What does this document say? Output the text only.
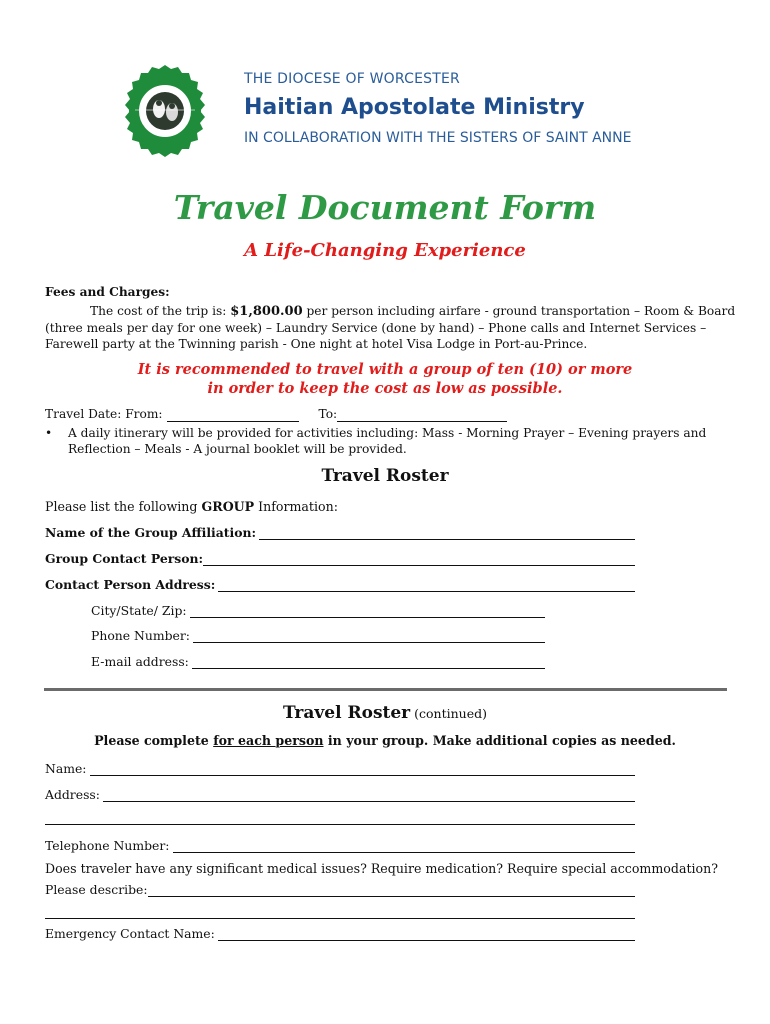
THE DIOCESE OF WORCESTER
Haitian Apostolate Ministry
IN COLLABORATION WITH THE SISTERS OF SAINT ANNE
Travel Document Form
A Life-Changing Experience
Fees and Charges:
The cost of the trip is: $1,800.00 per person including airfare - ground transportation – Room & Board
(three meals per day for one week) – Laundry Service (done by hand) – Phone calls and Internet Services –
Farewell party at the Twinning parish - One night at hotel Visa Lodge in Port-au-Prince.
It is recommended to travel with a group of ten (10) or more
in order to keep the cost as low as possible.
Travel Date: From:	To:
• A daily itinerary will be provided for activities including: Mass - Morning Prayer – Evening prayers and
Reflection – Meals - A journal booklet will be provided.
Travel Roster
Please list the following GROUP Information:
Name of the Group Affiliation:
Group Contact Person:
Contact Person Address:
City/State/ Zip:
Phone Number:
E-mail address:
Travel Roster (continued)
Please complete for each person in your group. Make additional copies as needed.
Name:
Address:
Telephone Number:
Does traveler have any significant medical issues? Require medication? Require special accommodation?
Please describe:
Emergency Contact Name:
